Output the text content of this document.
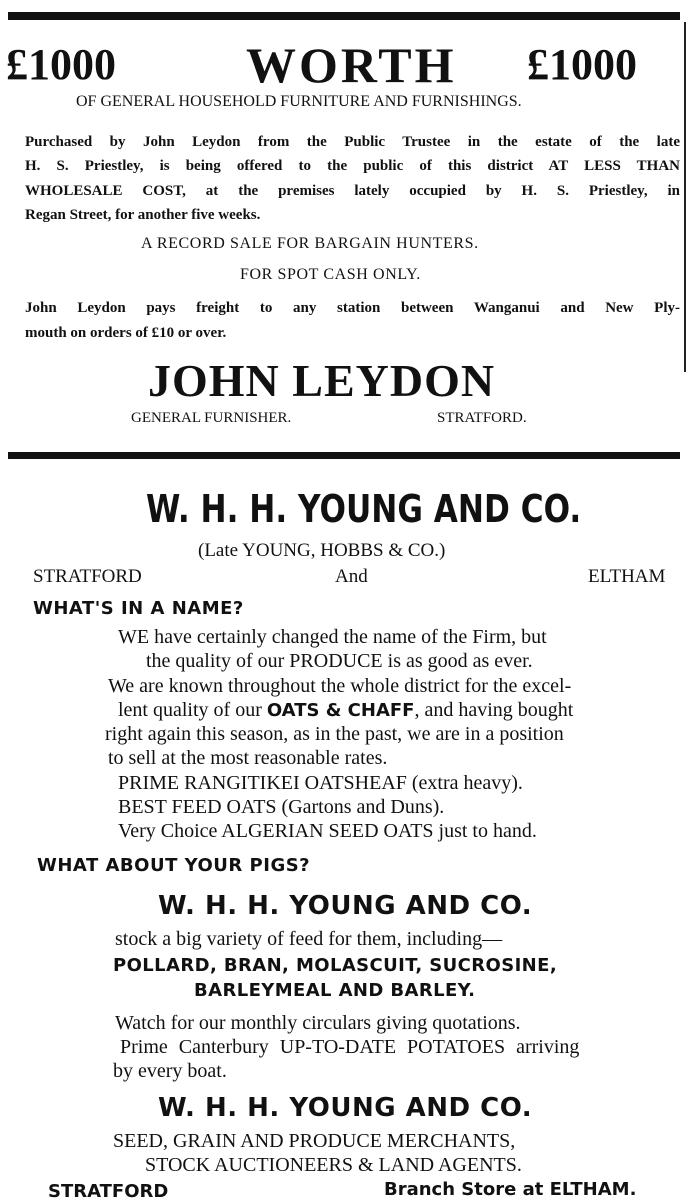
£1000	WORTH £1000
OF GENERAL HOUSEHOLD FURNITURE AND FURNISHINGS.
Purchased by John Leydon from the Public Trustee in the estate of the late
H. S. Priestley, is being offered to the public of this district AT LESS THAN
WHOLESALE COST, at the premises lately occupied by H. S. Priestley, in
Regan Street, for another five weeks.
A RECORD SALE FOR BARGAIN HUNTERS.
FOR SPOT CASH ONLY.
John Leydon pays freight to any station between Wanganui and New Ply-
mouth on orders of £10 or over.
JOHN LEYDON
GENERAL FURNISHER.	STRATFORD.
W. H. H. YOUNG AND CO.
(Late YOUNG, HOBBS & CO.)
STRATFORD	And	ELTHAM
WHAT'S IN A NAME?
WE have certainly changed the name of the Firm, but
the quality of our PRODUCE is as good as ever.
We are known throughout the whole district for the excel-
lent quality of our OATS & CHAFF, and having bought
right again this season, as in the past, we are in a position
to sell at the most reasonable rates.
PRIME RANGITIKEI OATSHEAF (extra heavy).
BEST FEED OATS (Gartons and Duns).
Very Choice ALGERIAN SEED OATS just to hand.
WHAT ABOUT YOUR PIGS?
W. H. H. YOUNG AND CO.
stock a big variety of feed for them, including—
POLLARD, BRAN, MOLASCUIT, SUCROSINE,
BARLEYMEAL AND BARLEY.
Watch for our monthly circulars giving quotations.
Prime Canterbury UP-TO-DATE POTATOES arriving
by every boat.
W. H. H. YOUNG AND CO.
SEED, GRAIN AND PRODUCE MERCHANTS,
STOCK AUCTIONEERS & LAND AGENTS.
STRATFORD	Branch Store at ELTHAM.
